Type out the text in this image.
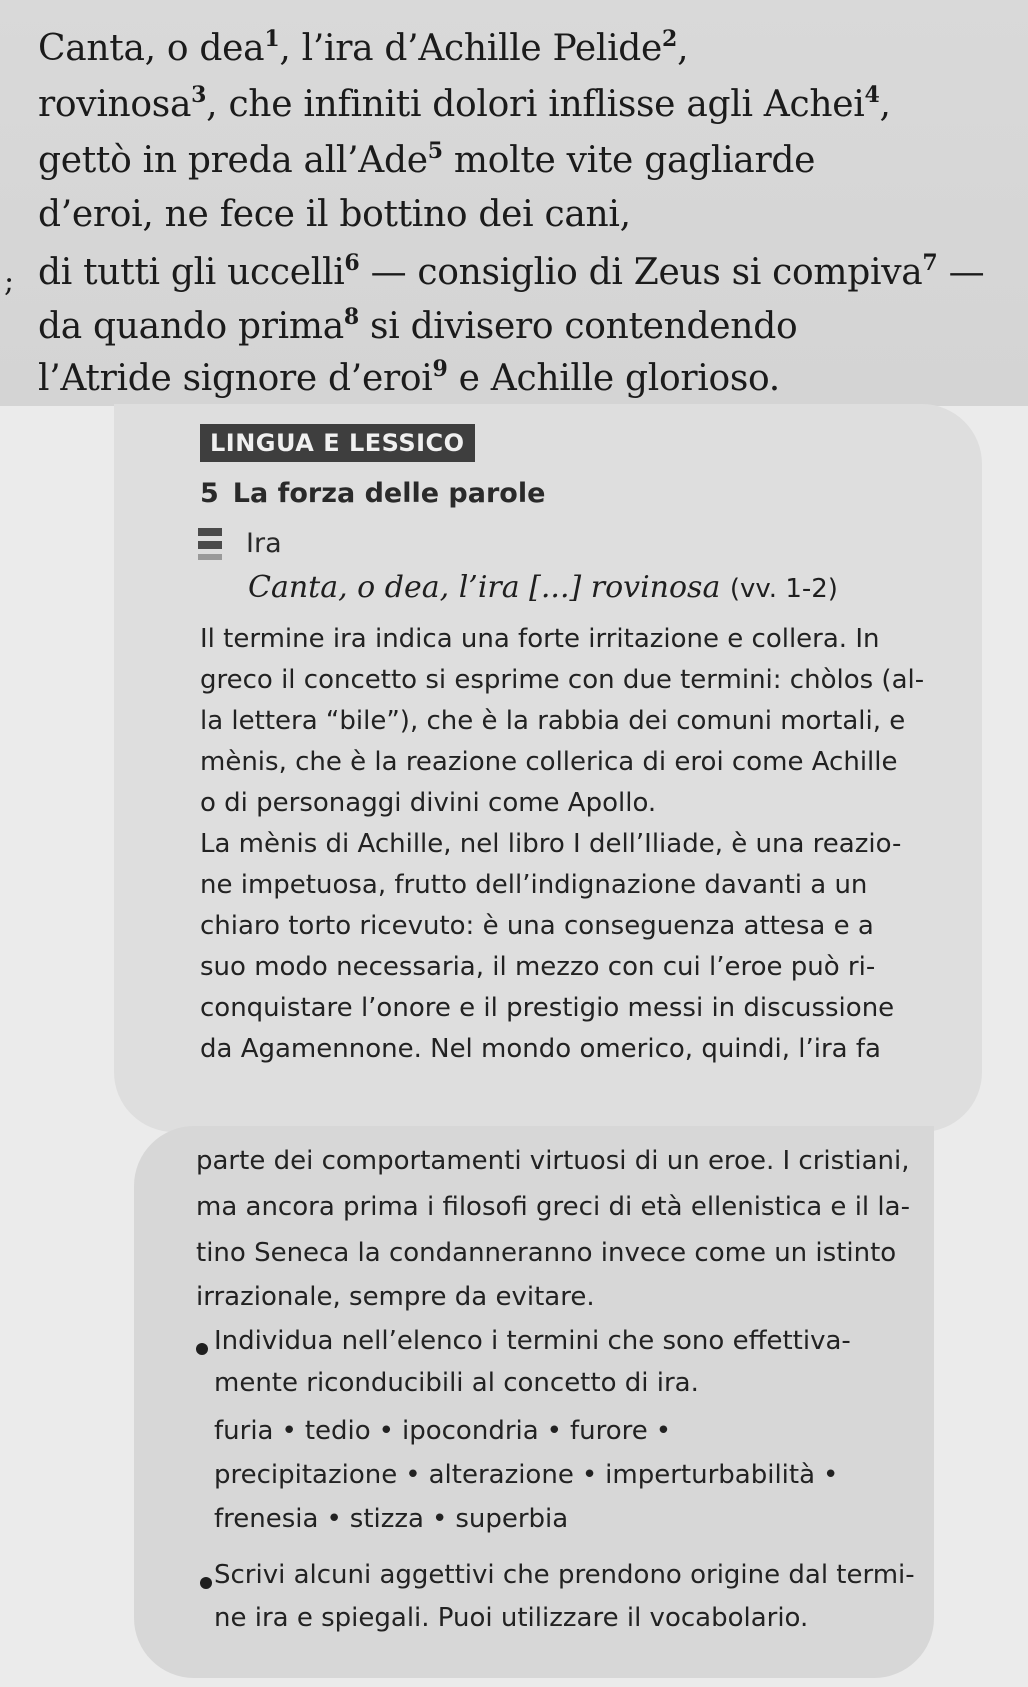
Canta, o dea$^1$, l’ira d’Achille Pelide$^2$,
rovinosa$^3$, che infiniti dolori inflisse agli Achei$^4$,
gettò in preda all’Ade$^5$ molte vite gagliarde
d’eroi, ne fece il bottino dei cani,
; di tutti gli uccelli$^6$ — consiglio di Zeus si compiva$^7$ —
da quando prima$^8$ si divisero contendendo
l’Atride signore d’eroi$^9$ e Achille glorioso.
LINGUA E LESSICO
5 La forza delle parole
Ira
Canta, o dea, l’ira [...] rovinosa (vv. 1-2)
Il termine ira indica una forte irritazione e collera. In
greco il concetto si esprime con due termini: chòlos (al-
la lettera “bile”), che è la rabbia dei comuni mortali, e
mènis, che è la reazione collerica di eroi come Achille
o di personaggi divini come Apollo.
La mènis di Achille, nel libro I dell’Iliade, è una reazio-
ne impetuosa, frutto dell’indignazione davanti a un
chiaro torto ricevuto: è una conseguenza attesa e a
suo modo necessaria, il mezzo con cui l’eroe può ri-
conquistare l’onore e il prestigio messi in discussione
da Agamennone. Nel mondo omerico, quindi, l’ira fa
parte dei comportamenti virtuosi di un eroe. I cristiani,
ma ancora prima i filosofi greci di età ellenistica e il la-
tino Seneca la condanneranno invece come un istinto
irrazionale, sempre da evitare.
Individua nell’elenco i termini che sono effettiva-
mente riconducibili al concetto di ira.
furia • tedio • ipocondria • furore •
precipitazione • alterazione • imperturbabilità •
frenesia • stizza • superbia
Scrivi alcuni aggettivi che prendono origine dal termi-
ne ira e spiegali. Puoi utilizzare il vocabolario.
